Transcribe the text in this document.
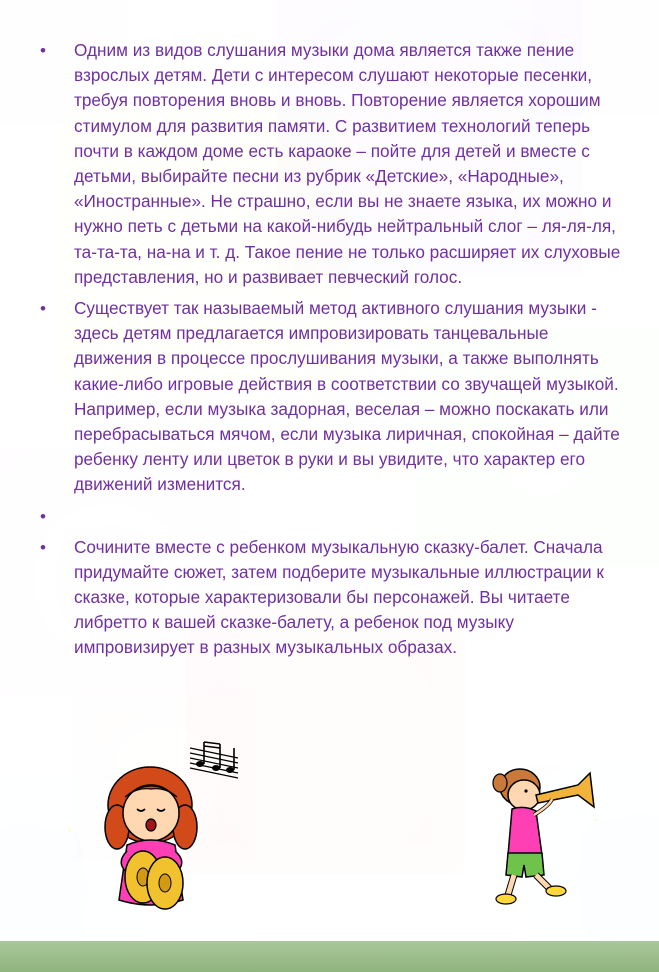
• Одним из видов слушания музыки дома является также пение взрослых детям. Дети с интересом слушают некоторые песенки, требуя повторения вновь и вновь. Повторение является хорошим стимулом для развития памяти. С развитием технологий теперь почти в каждом доме есть караоке – пойте для детей и вместе с детьми, выбирайте песни из рубрик «Детские», «Народные», «Иностранные». Не страшно, если вы не знаете языка, их можно и нужно петь с детьми на какой-нибудь нейтральный слог – ля-ля-ля, та-та-та, на-на и т. д. Такое пение не только расширяет их слуховые представления, но и развивает певческий голос.
• Существует так называемый метод активного слушания музыки - здесь детям предлагается импровизировать танцевальные движения в процессе прослушивания музыки, а также выполнять какие-либо игровые действия в соответствии со звучащей музыкой. Например, если музыка задорная, веселая – можно поскакать или перебрасываться мячом, если музыка лиричная, спокойная – дайте ребенку ленту или цветок в руки и вы увидите, что характер его движений изменится.
•
• Сочините вместе с ребенком музыкальную сказку-балет. Сначала придумайте сюжет, затем подберите музыкальные иллюстрации к сказке, которые характеризовали бы персонажей. Вы читаете либретто к вашей сказке-балету, а ребенок под музыку импровизирует в разных музыкальных образах.
